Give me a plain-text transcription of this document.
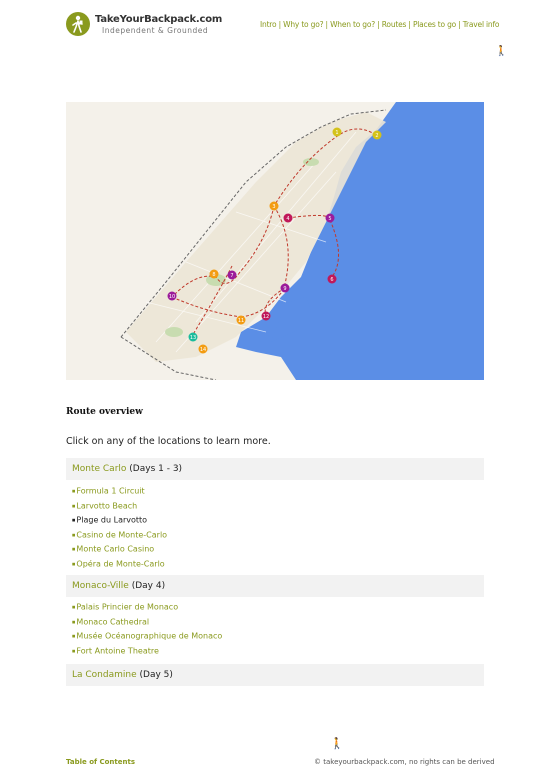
TakeYourBackpack.com
Independent & Grounded
Intro | Why to go? | When to go? | Routes | Places to go | Travel info
🚶
1	2
3
4	5
6
7
8
9
10
11
12
13
14
Route overview
Click on any of the locations to learn more.
Monte Carlo (Days 1 - 3)
■ Formula 1 Circuit
■ Larvotto Beach
■ Plage du Larvotto
■ Casino de Monte-Carlo
■ Monte Carlo Casino
■ Opéra de Monte-Carlo
Monaco-Ville (Day 4)
■ Palais Princier de Monaco
■ Monaco Cathedral
■ Musée Océanographique de Monaco
■ Fort Antoine Theatre
La Condamine (Day 5)
🚶
Table of Contents	© takeyourbackpack.com, no rights can be derived
